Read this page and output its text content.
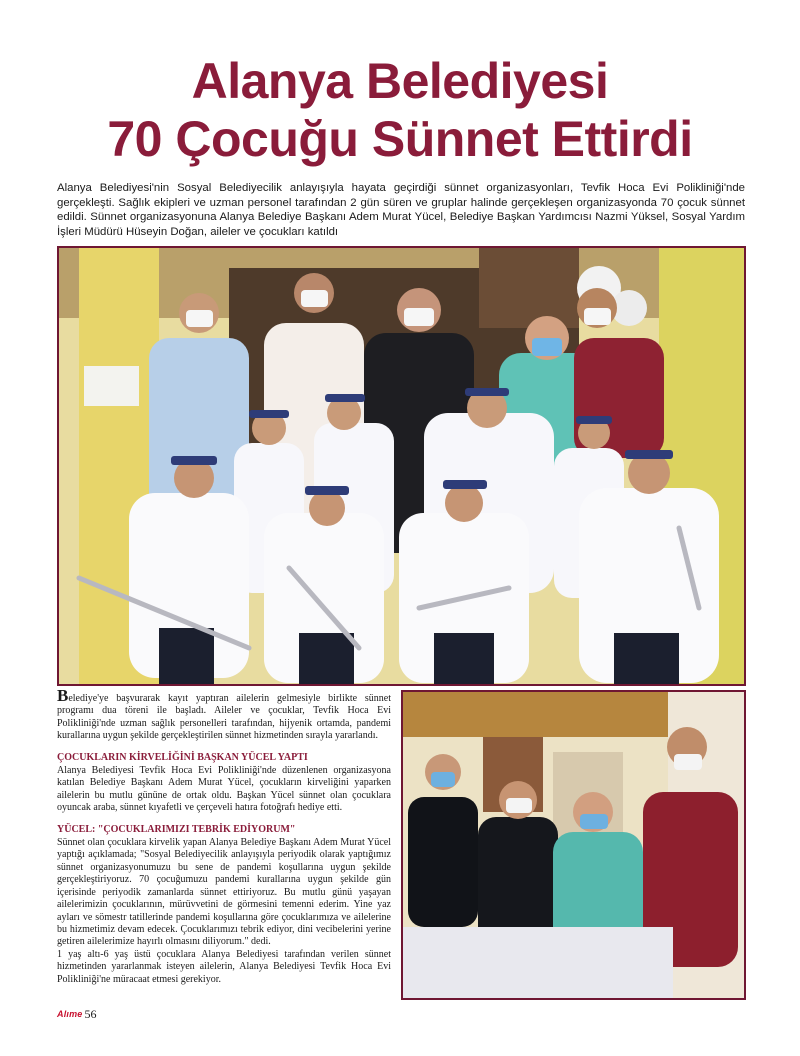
Alanya Belediyesi
70 Çocuğu Sünnet Ettirdi
Alanya Belediyesi'nin Sosyal Belediyecilik anlayışıyla hayata geçirdiği sünnet organizasyonları, Tevfik Hoca Evi Polikliniği'nde gerçekleşti. Sağlık ekipleri ve uzman personel tarafından 2 gün süren ve gruplar halinde gerçekleşen organizasyonda 70 çocuk sünnet edildi. Sünnet organizasyonuna Alanya Belediye Başkanı Adem Murat Yücel, Belediye Başkan Yardımcısı Nazmi Yüksel, Sosyal Yardım İşleri Müdürü Hüseyin Doğan, aileler ve çocukları katıldı

Belediye'ye başvurarak kayıt yaptıran ailelerin gelmesiyle birlikte sünnet programı dua töreni ile başladı. Aileler ve çocuklar, Tevfik Hoca Evi Polikliniği'nde uzman sağlık personelleri tarafından, hijyenik ortamda, pandemi kurallarına uygun şekilde gerçekleştirilen sünnet hizmetinden sırayla yararlandı.

ÇOCUKLARIN KİRVELİĞİNİ BAŞKAN YÜCEL YAPTI

Alanya Belediyesi Tevfik Hoca Evi Polikliniği'nde düzenlenen organizasyona katılan Belediye Başkanı Adem Murat Yücel, çocukların kirveliğini yaparken ailelerin bu mutlu gününe de ortak oldu. Başkan Yücel sünnet olan çocuklara oyuncak araba, sünnet kıyafetli ve çerçeveli hatıra fotoğrafı hediye etti.

YÜCEL: "ÇOCUKLARIMIZI TEBRİK EDİYORUM"

Sünnet olan çocuklara kirvelik yapan Alanya Belediye Başkanı Adem Murat Yücel yaptığı açıklamada; "Sosyal Belediyecilik anlayışıyla periyodik olarak yaptığımız sünnet organizasyonumuzu bu sene de pandemi koşullarına uygun şekilde gerçekleştiriyoruz. 70 çocuğumuzu pandemi kurallarına uygun şekilde gün içerisinde periyodik zamanlarda sünnet ettiriyoruz. Bu mutlu günü yaşayan ailelerimizin çocuklarının, mürüvvetini de görmesini temenni ederim. Yine yaz ayları ve sömestr tatillerinde pandemi koşullarına göre çocuklarımıza ve ailelerine bu hizmetimiz devam edecek. Çocuklarımızı tebrik ediyor, dini vecibelerini yerine getiren ailelerimize hayırlı olmasını diliyorum." dedi.

1 yaş altı-6 yaş üstü çocuklara Alanya Belediyesi tarafından verilen sünnet hizmetinden yararlanmak isteyen ailelerin, Alanya Belediyesi Tevfik Hoca Evi Polikliniği'ne müracaat etmesi gerekiyor.

Alıme 56
